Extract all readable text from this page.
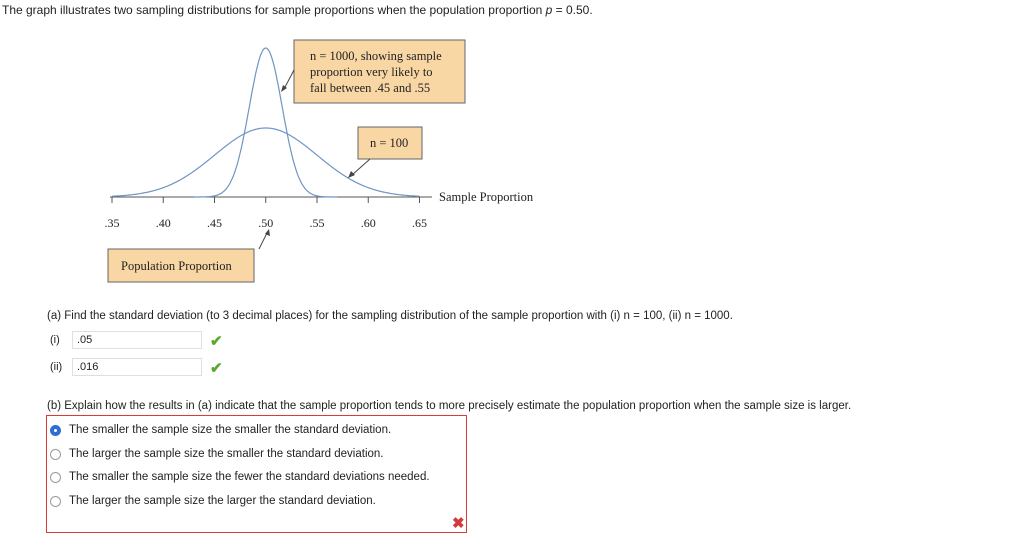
The graph illustrates two sampling distributions for sample proportions when the population proportion p = 0.50.
.35	.40	.45	.50	.55	.60	.65
n = 1000, showing sample
proportion very likely to
fall between .45 and .55
n = 100
Sample Proportion
Population Proportion
(a) Find the standard deviation (to 3 decimal places) for the sampling distribution of the sample proportion with (i) n = 100, (ii) n = 1000.
(i)	.05	✔
(ii)	.016	✔
(b) Explain how the results in (a) indicate that the sample proportion tends to more precisely estimate the population proportion when the sample size is larger.
The smaller the sample size the smaller the standard deviation.
The larger the sample size the smaller the standard deviation.
The smaller the sample size the fewer the standard deviations needed.
The larger the sample size the larger the standard deviation.
✖
